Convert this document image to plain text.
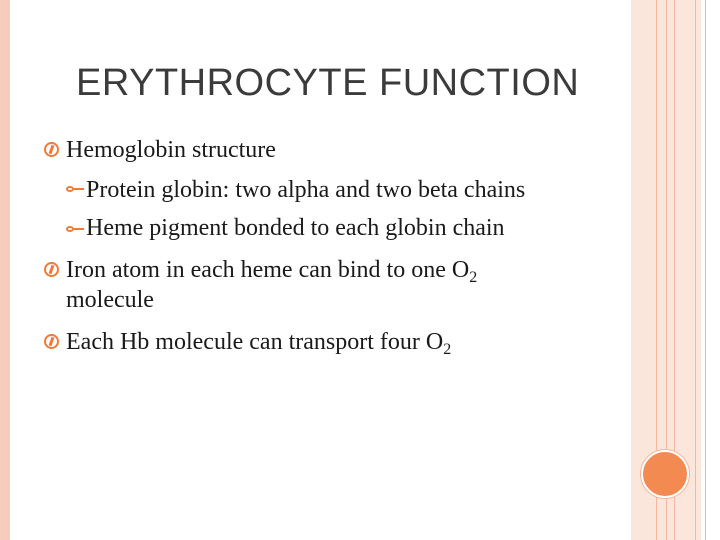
ERYTHROCYTE FUNCTION
Hemoglobin structure
Protein globin: two alpha and two beta chains
Heme pigment bonded to each globin chain
Iron atom in each heme can bind to one $O_2$
molecule
Each Hb molecule can transport four $O_2$
